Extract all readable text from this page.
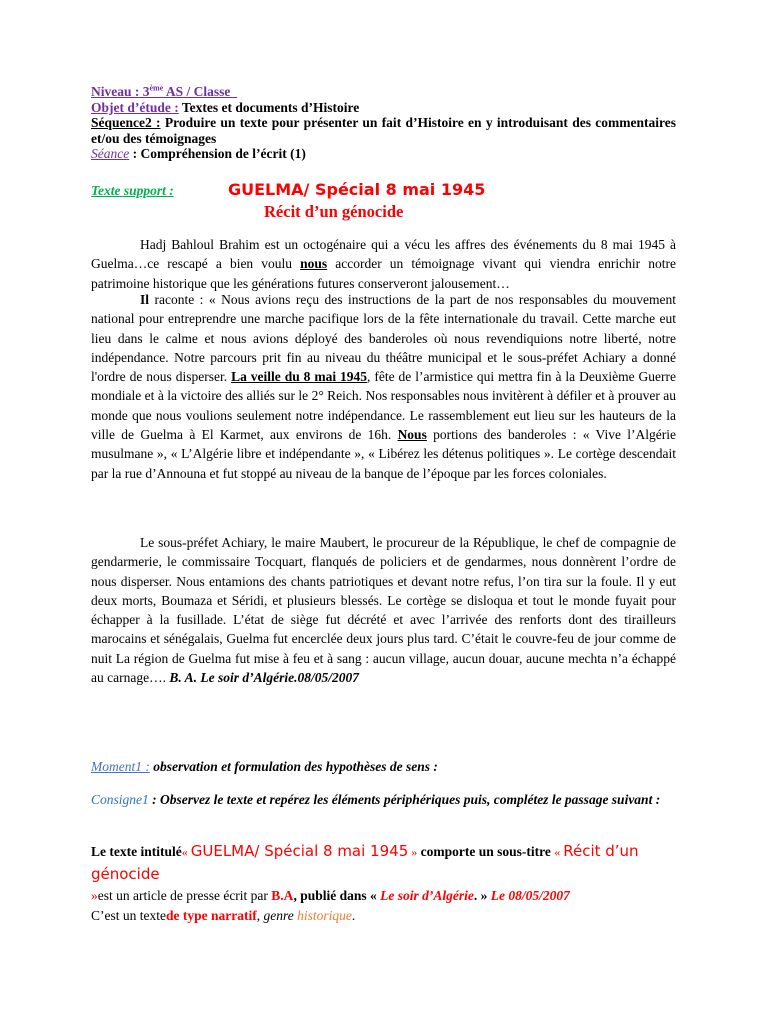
Niveau : 3ème AS / Classe

Objet d’étude : Textes et documents d’Histoire

Séquence2 : Produire un texte pour présenter un fait d’Histoire en y introduisant des commentaires et/ou des témoignages

Séance : Compréhension de l’écrit (1)

Texte support :	GUELMA/ Spécial 8 mai 1945
Récit d’un génocide
Hadj Bahloul Brahim est un octogénaire qui a vécu les affres des événements du 8 mai 1945 à Guelma…ce rescapé a bien voulu nous accorder un témoignage vivant qui viendra enrichir notre patrimoine historique que les générations futures conserveront jalousement…
Il raconte : « Nous avions reçu des instructions de la part de nos responsables du mouvement national pour entreprendre une marche pacifique lors de la fête internationale du travail. Cette marche eut lieu dans le calme et nous avions déployé des banderoles où nous revendiquions notre liberté, notre indépendance. Notre parcours prit fin au niveau du théâtre municipal et le sous-préfet Achiary a donné l'ordre de nous disperser. La veille du 8 mai 1945, fête de l’armistice qui mettra fin à la Deuxième Guerre mondiale et à la victoire des alliés sur le 2° Reich. Nos responsables nous invitèrent à défiler et à prouver au monde que nous voulions seulement notre indépendance. Le rassemblement eut lieu sur les hauteurs de la ville de Guelma à El Karmet, aux environs de 16h. Nous portions des banderoles : « Vive l’Algérie musulmane », « L’Algérie libre et indépendante », « Libérez les détenus politiques ». Le cortège descendait par la rue d’Announa et fut stoppé au niveau de la banque de l’époque par les forces coloniales.
Le sous-préfet Achiary, le maire Maubert, le procureur de la République, le chef de compagnie de gendarmerie, le commissaire Tocquart, flanqués de policiers et de gendarmes, nous donnèrent l’ordre de nous disperser. Nous entamions des chants patriotiques et devant notre refus, l’on tira sur la foule. Il y eut deux morts, Boumaza et Séridi, et plusieurs blessés. Le cortège se disloqua et tout le monde fuyait pour échapper à la fusillade. L’état de siège fut décrété et avec l’arrivée des renforts dont des tirailleurs marocains et sénégalais, Guelma fut encerclée deux jours plus tard. C’était le couvre-feu de jour comme de nuit La région de Guelma fut mise à feu et à sang : aucun village, aucun douar, aucune mechta n’a échappé au carnage…. B. A. Le soir d’Algérie.08/05/2007
Moment1 : observation et formulation des hypothèses de sens :
Consigne1 : Observez le texte et repérez les éléments périphériques puis, complétez le passage suivant :
Le texte intitulé« GUELMA/ Spécial 8 mai 1945 » comporte un sous-titre « Récit d’un génocide
»est un article de presse écrit par B.A, publié dans « Le soir d’Algérie. » Le 08/05/2007
C’est un textede type narratif, genre historique.
